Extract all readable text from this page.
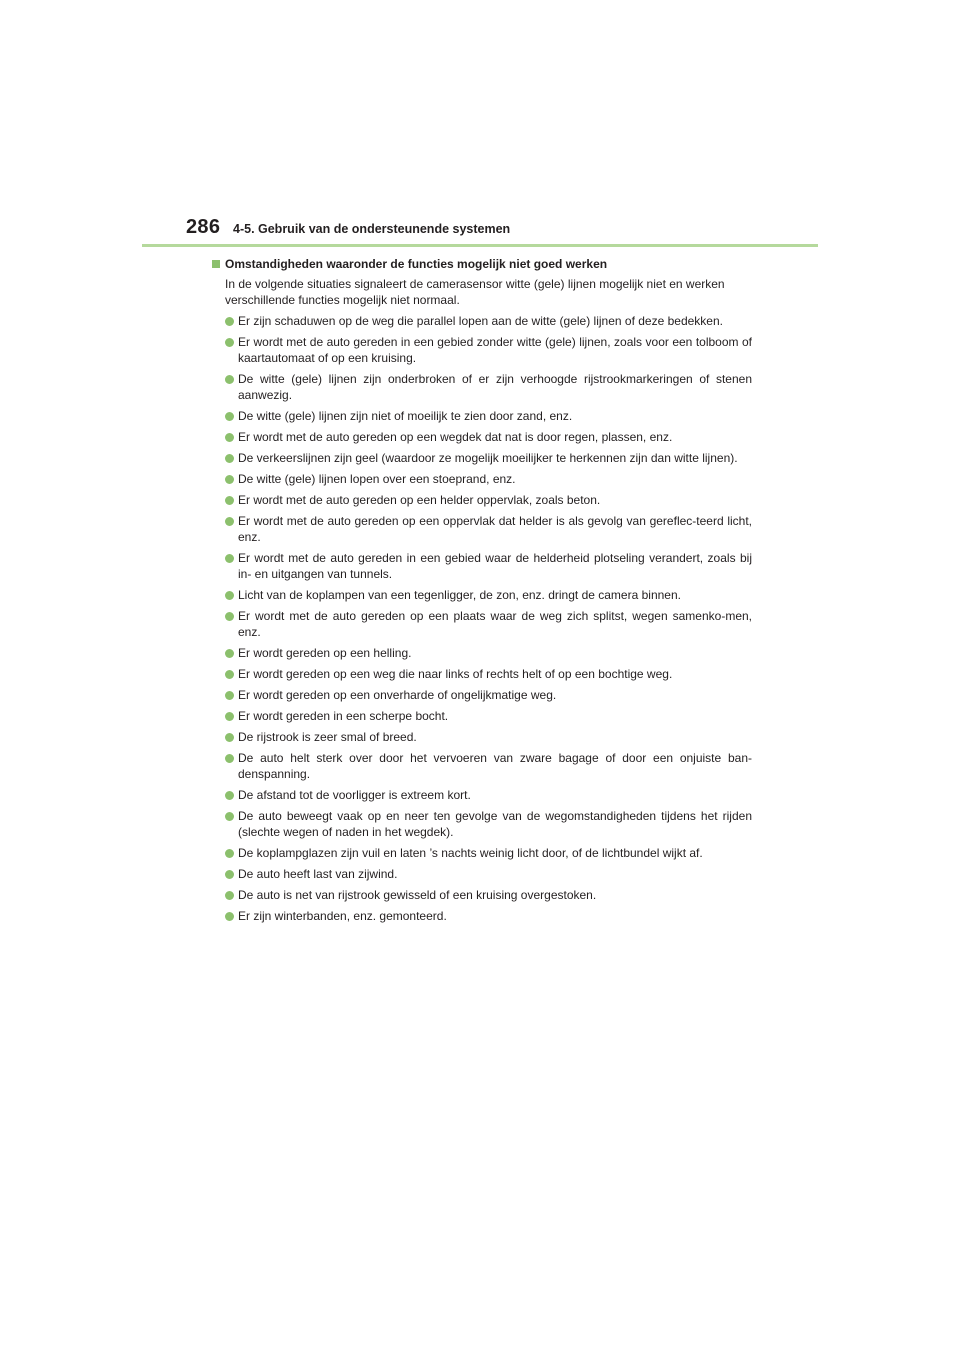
286 4-5. Gebruik van de ondersteunende systemen
Omstandigheden waaronder de functies mogelijk niet goed werken
In de volgende situaties signaleert de camerasensor witte (gele) lijnen mogelijk niet en werken verschillende functies mogelijk niet normaal.
Er zijn schaduwen op de weg die parallel lopen aan de witte (gele) lijnen of deze bedekken.
Er wordt met de auto gereden in een gebied zonder witte (gele) lijnen, zoals voor een tolboom of kaartautomaat of op een kruising.
De witte (gele) lijnen zijn onderbroken of er zijn verhoogde rijstrookmarkeringen of stenen aanwezig.
De witte (gele) lijnen zijn niet of moeilijk te zien door zand, enz.
Er wordt met de auto gereden op een wegdek dat nat is door regen, plassen, enz.
De verkeerslijnen zijn geel (waardoor ze mogelijk moeilijker te herkennen zijn dan witte lijnen).
De witte (gele) lijnen lopen over een stoeprand, enz.
Er wordt met de auto gereden op een helder oppervlak, zoals beton.
Er wordt met de auto gereden op een oppervlak dat helder is als gevolg van gereflec-teerd licht, enz.
Er wordt met de auto gereden in een gebied waar de helderheid plotseling verandert, zoals bij in- en uitgangen van tunnels.
Licht van de koplampen van een tegenligger, de zon, enz. dringt de camera binnen.
Er wordt met de auto gereden op een plaats waar de weg zich splitst, wegen samenko-men, enz.
Er wordt gereden op een helling.
Er wordt gereden op een weg die naar links of rechts helt of op een bochtige weg.
Er wordt gereden op een onverharde of ongelijkmatige weg.
Er wordt gereden in een scherpe bocht.
De rijstrook is zeer smal of breed.
De auto helt sterk over door het vervoeren van zware bagage of door een onjuiste ban-denspanning.
De afstand tot de voorligger is extreem kort.
De auto beweegt vaak op en neer ten gevolge van de wegomstandigheden tijdens het rijden (slechte wegen of naden in het wegdek).
De koplampglazen zijn vuil en laten ’s nachts weinig licht door, of de lichtbundel wijkt af.
De auto heeft last van zijwind.
De auto is net van rijstrook gewisseld of een kruising overgestoken.
Er zijn winterbanden, enz. gemonteerd.
